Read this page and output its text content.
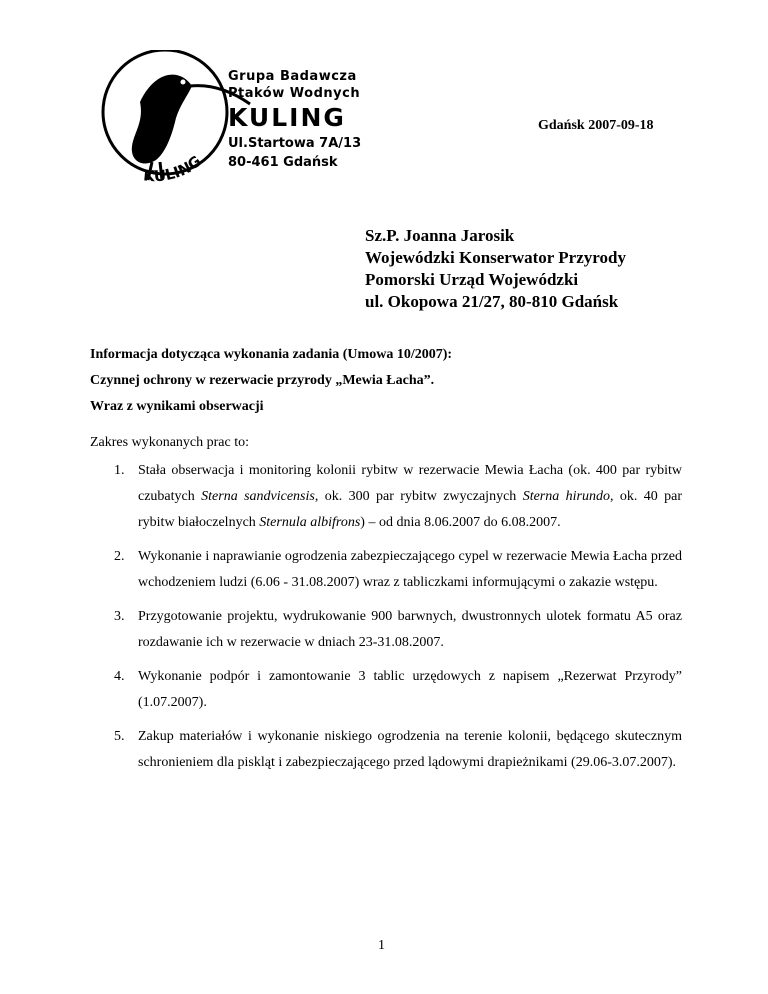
KULING
Grupa Badawcza
Ptaków Wodnych
KULING
Ul.Startowa 7A/13
80-461 Gdańsk
Gdańsk 2007-09-18
Sz.P. Joanna Jarosik
Wojewódzki Konserwator Przyrody
Pomorski Urząd Wojewódzki
ul. Okopowa 21/27, 80-810 Gdańsk
Informacja dotycząca wykonania zadania (Umowa 10/2007):
Czynnej ochrony w rezerwacie przyrody „Mewia Łacha”.
Wraz z wynikami obserwacji
Zakres wykonanych prac to:
1. Stała obserwacja i monitoring kolonii rybitw w rezerwacie Mewia Łacha (ok. 400 par rybitw czubatych Sterna sandvicensis, ok. 300 par rybitw zwyczajnych Sterna hirundo, ok. 40 par rybitw białoczelnych Sternula albifrons) – od dnia 8.06.2007 do 6.08.2007.
2. Wykonanie i naprawianie ogrodzenia zabezpieczającego cypel w rezerwacie Mewia Łacha przed wchodzeniem ludzi (6.06 - 31.08.2007) wraz z tabliczkami informującymi o zakazie wstępu.
3. Przygotowanie projektu, wydrukowanie 900 barwnych, dwustronnych ulotek formatu A5 oraz rozdawanie ich w rezerwacie w dniach 23-31.08.2007.
4. Wykonanie podpór i zamontowanie 3 tablic urzędowych z napisem „Rezerwat Przyrody” (1.07.2007).
5. Zakup materiałów i wykonanie niskiego ogrodzenia na terenie kolonii, będącego skutecznym schronieniem dla piskląt i zabezpieczającego przed lądowymi drapieżnikami (29.06-3.07.2007).
1
